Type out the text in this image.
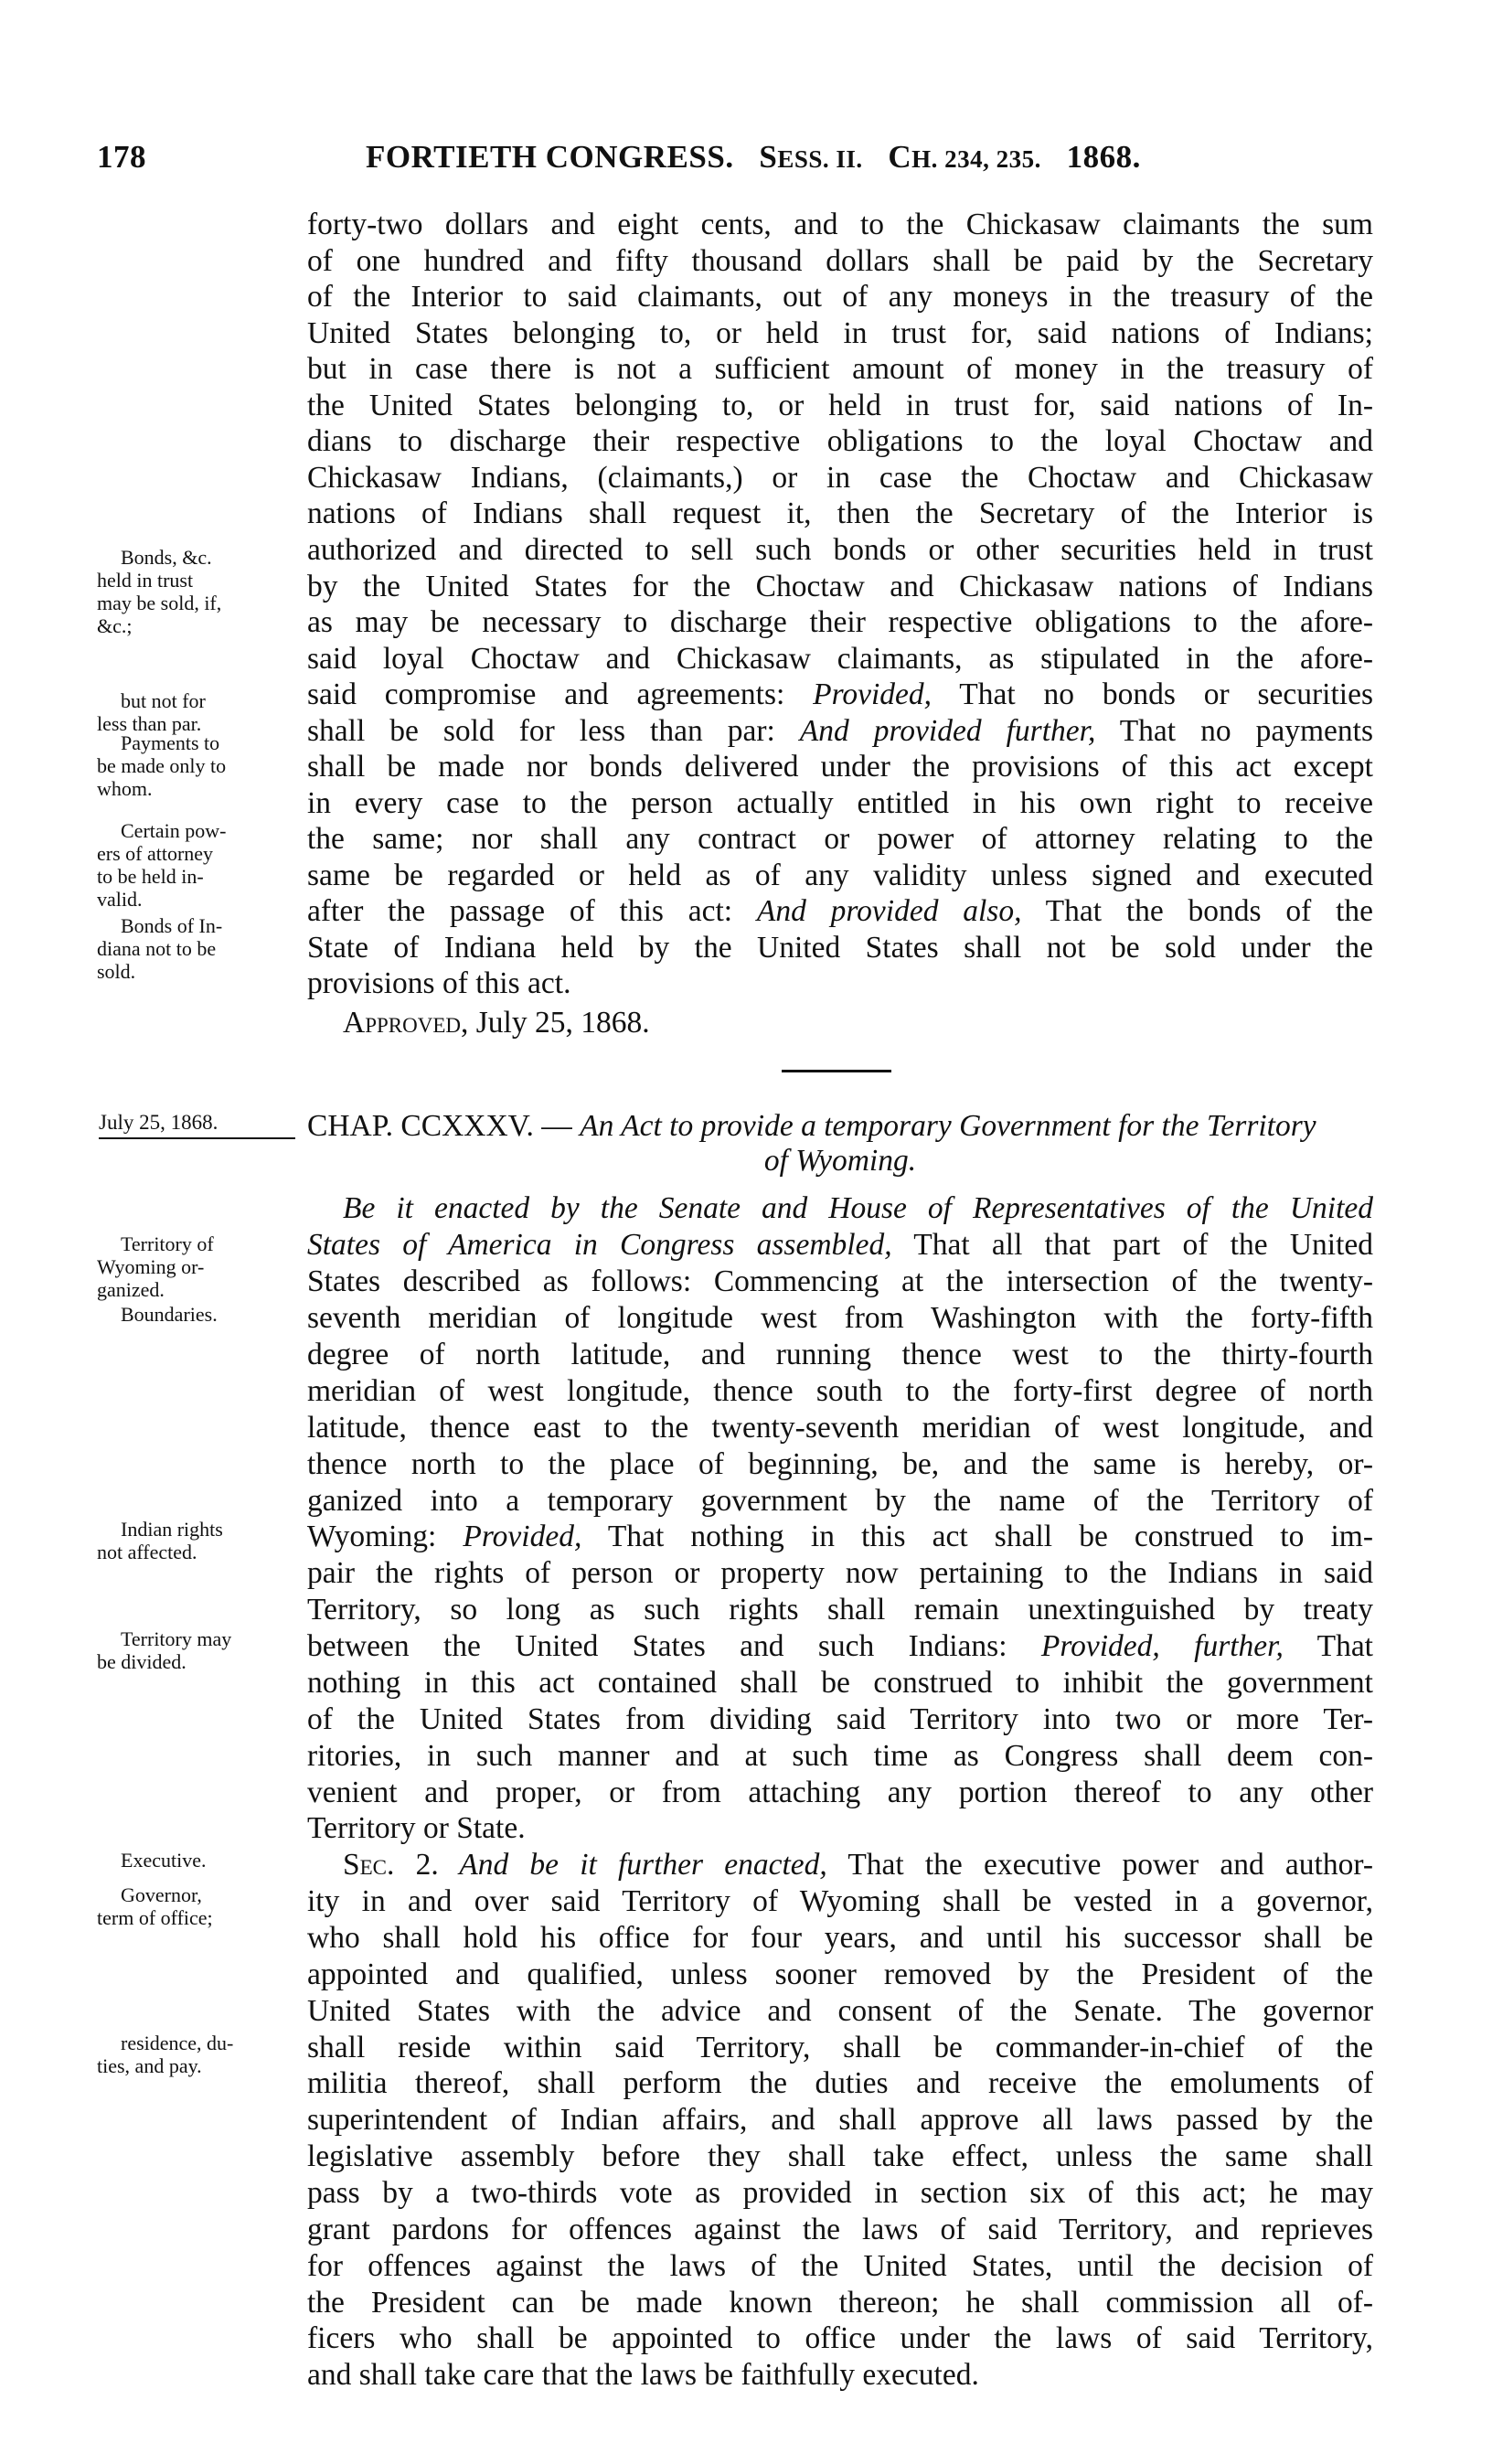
178	FORTIETH CONGRESS. SESS. II. CH. 234, 235. 1868.
forty-two dollars and eight cents, and to the Chickasaw claimants the sum
of one hundred and fifty thousand dollars shall be paid by the Secretary
of the Interior to said claimants, out of any moneys in the treasury of the
United States belonging to, or held in trust for, said nations of Indians;
but in case there is not a sufficient amount of money in the treasury of
the United States belonging to, or held in trust for, said nations of In-
dians to discharge their respective obligations to the loyal Choctaw and
Chickasaw Indians, (claimants,) or in case the Choctaw and Chickasaw
nations of Indians shall request it, then the Secretary of the Interior is
authorized and directed to sell such bonds or other securities held in trust
by the United States for the Choctaw and Chickasaw nations of Indians
as may be necessary to discharge their respective obligations to the afore-
said loyal Choctaw and Chickasaw claimants, as stipulated in the afore-
said compromise and agreements: Provided, That no bonds or securities
shall be sold for less than par: And provided further, That no payments
shall be made nor bonds delivered under the provisions of this act except
in every case to the person actually entitled in his own right to receive
the same; nor shall any contract or power of attorney relating to the
same be regarded or held as of any validity unless signed and executed
after the passage of this act: And provided also, That the bonds of the
State of Indiana held by the United States shall not be sold under the
provisions of this act.
Approved, July 25, 1868.
Bonds, &c.
held in trust
may be sold, if,
&c.;
but not for
less than par.
Payments to
be made only to
whom.
Certain pow-
ers of attorney
to be held in-
valid.
Bonds of In-
diana not to be
sold.
July 25, 1868.	CHAP. CCXXXV. — An Act to provide a temporary Government for the Territory
of Wyoming.
Be it enacted by the Senate and House of Representatives of the United
States of America in Congress assembled, That all that part of the United
States described as follows: Commencing at the intersection of the twenty-
seventh meridian of longitude west from Washington with the forty-fifth
degree of north latitude, and running thence west to the thirty-fourth
meridian of west longitude, thence south to the forty-first degree of north
latitude, thence east to the twenty-seventh meridian of west longitude, and
thence north to the place of beginning, be, and the same is hereby, or-
ganized into a temporary government by the name of the Territory of
Wyoming: Provided, That nothing in this act shall be construed to im-
pair the rights of person or property now pertaining to the Indians in said
Territory, so long as such rights shall remain unextinguished by treaty
between the United States and such Indians: Provided, further, That
nothing in this act contained shall be construed to inhibit the government
of the United States from dividing said Territory into two or more Ter-
ritories, in such manner and at such time as Congress shall deem con-
venient and proper, or from attaching any portion thereof to any other
Territory or State.
Sec. 2. And be it further enacted, That the executive power and author-
ity in and over said Territory of Wyoming shall be vested in a governor,
who shall hold his office for four years, and until his successor shall be
appointed and qualified, unless sooner removed by the President of the
United States with the advice and consent of the Senate. The governor
shall reside within said Territory, shall be commander-in-chief of the
militia thereof, shall perform the duties and receive the emoluments of
superintendent of Indian affairs, and shall approve all laws passed by the
legislative assembly before they shall take effect, unless the same shall
pass by a two-thirds vote as provided in section six of this act; he may
grant pardons for offences against the laws of said Territory, and reprieves
for offences against the laws of the United States, until the decision of
the President can be made known thereon; he shall commission all of-
ficers who shall be appointed to office under the laws of said Territory,
and shall take care that the laws be faithfully executed.
Territory of
Wyoming or-
ganized.
Boundaries.
Indian rights
not affected.
Territory may
be divided.
Executive.
Governor,
term of office;
residence, du-
ties, and pay.
